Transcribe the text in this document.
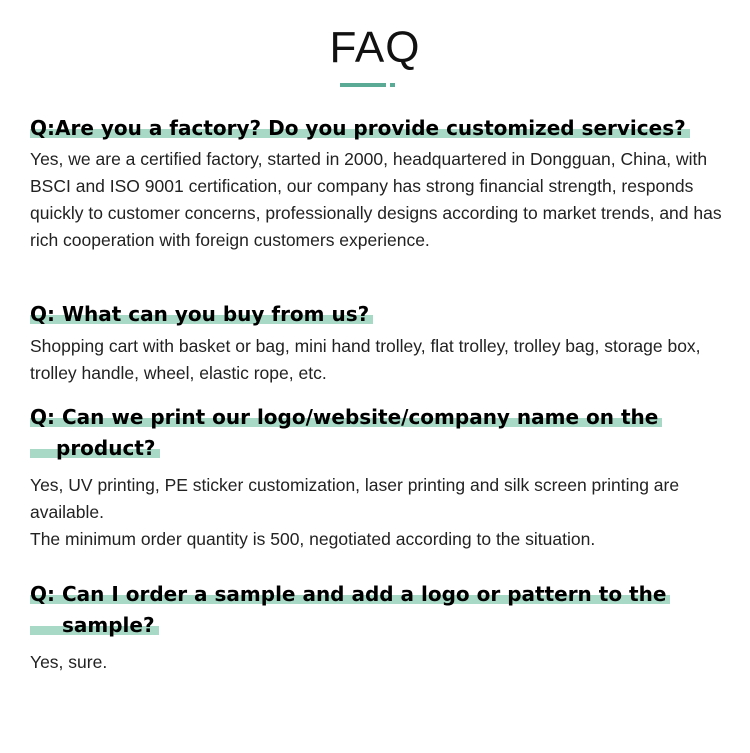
FAQ
Q:Are you a factory? Do you provide customized services?

Yes, we are a certified factory, started in 2000, headquartered in Dongguan, China, with BSCI and ISO 9001 certification, our company has strong financial strength, responds quickly to customer concerns, professionally designs according to market trends, and has rich cooperation with foreign customers experience.

Q: What can you buy from us?

Shopping cart with basket or bag, mini hand trolley, flat trolley, trolley bag, storage box, trolley handle, wheel, elastic rope, etc.

Q: Can we print our logo/website/company name on the
product?

Yes, UV printing, PE sticker customization, laser printing and silk screen printing are available.

The minimum order quantity is 500, negotiated according to the situation.

Q: Can I order a sample and add a logo or pattern to the
sample?

Yes, sure.
